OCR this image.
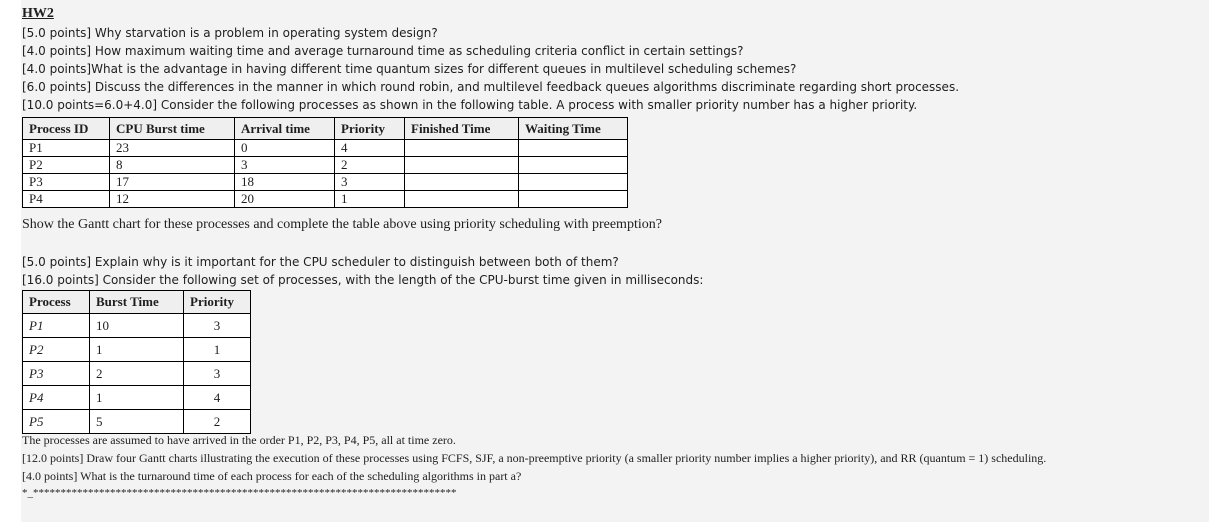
HW2
[5.0 points] Why starvation is a problem in operating system design?
[4.0 points] How maximum waiting time and average turnaround time as scheduling criteria conflict in certain settings?
[4.0 points]What is the advantage in having different time quantum sizes for different queues in multilevel scheduling schemes?
[6.0 points] Discuss the differences in the manner in which round robin, and multilevel feedback queues algorithms discriminate regarding short processes.
[10.0 points=6.0+4.0] Consider the following processes as shown in the following table. A process with smaller priority number has a higher priority.
Process ID	CPU Burst time	Arrival time	Priority	Finished Time	Waiting Time
P1	23	0	4		
P2	8	3	2		
P3	17	18	3		
P4	12	20	1		
Show the Gantt chart for these processes and complete the table above using priority scheduling with preemption?
[5.0 points] Explain why is it important for the CPU scheduler to distinguish between both of them?
[16.0 points] Consider the following set of processes, with the length of the CPU-burst time given in milliseconds:
Process	Burst Time	Priority
P1	10	3
P2	1	1
P3	2	3
P4	1	4
P5	5	2
The processes are assumed to have arrived in the order P1, P2, P3, P4, P5, all at time zero.
[12.0 points] Draw four Gantt charts illustrating the execution of these processes using FCFS, SJF, a non-preemptive priority (a smaller priority number implies a higher priority), and RR (quantum = 1) scheduling.
[4.0 points] What is the turnaround time of each process for each of the scheduling algorithms in part a?
*_*****************************************************************************
